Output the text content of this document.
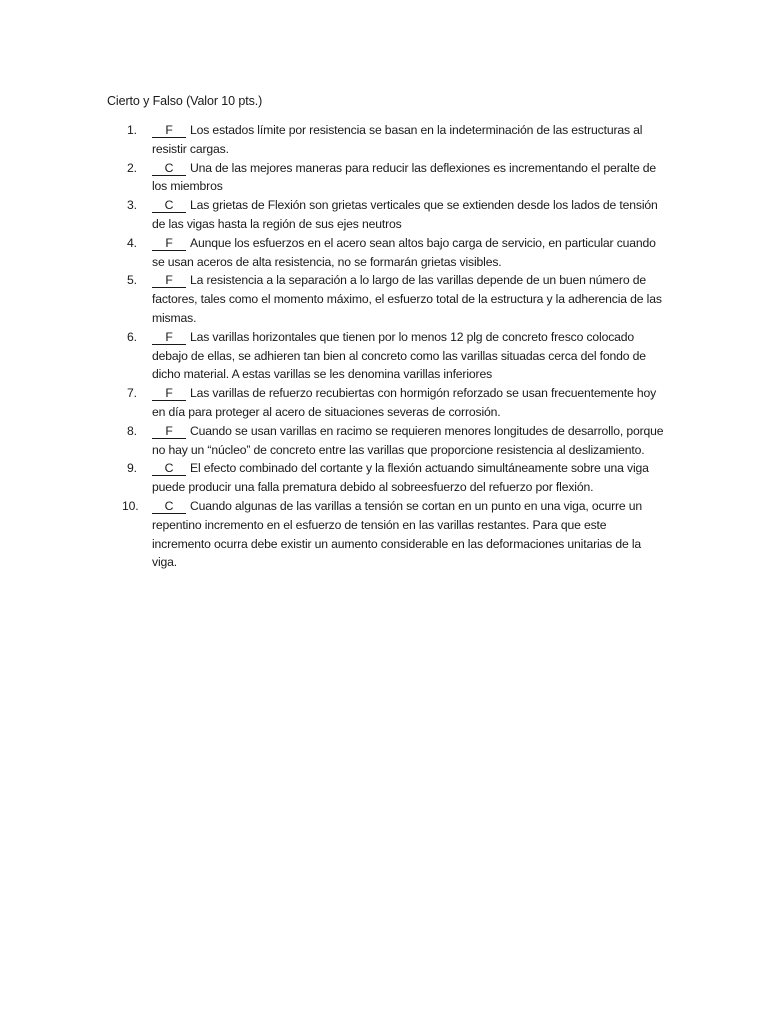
Cierto y Falso (Valor 10 pts.)
1.	F Los estados límite por resistencia se basan en la indeterminación de las estructuras al resistir cargas.
2.	C Una de las mejores maneras para reducir las deflexiones es incrementando el peralte de los miembros
3.	C Las grietas de Flexión son grietas verticales que se extienden desde los lados de tensión de las vigas hasta la región de sus ejes neutros
4.	F Aunque los esfuerzos en el acero sean altos bajo carga de servicio, en particular cuando se usan aceros de alta resistencia, no se formarán grietas visibles.
5.	F La resistencia a la separación a lo largo de las varillas depende de un buen número de factores, tales como el momento máximo, el esfuerzo total de la estructura y la adherencia de las mismas.
6.	F Las varillas horizontales que tienen por lo menos 12 plg de concreto fresco colocado debajo de ellas, se adhieren tan bien al concreto como las varillas situadas cerca del fondo de dicho material. A estas varillas se les denomina varillas inferiores
7.	F Las varillas de refuerzo recubiertas con hormigón reforzado se usan frecuentemente hoy en día para proteger al acero de situaciones severas de corrosión.
8.	F Cuando se usan varillas en racimo se requieren menores longitudes de desarrollo, porque no hay un “núcleo” de concreto entre las varillas que proporcione resistencia al deslizamiento.
9.	C El efecto combinado del cortante y la flexión actuando simultáneamente sobre una viga puede producir una falla prematura debido al sobreesfuerzo del refuerzo por flexión.
10.	C Cuando algunas de las varillas a tensión se cortan en un punto en una viga, ocurre un repentino incremento en el esfuerzo de tensión en las varillas restantes. Para que este incremento ocurra debe existir un aumento considerable en las deformaciones unitarias de la viga.
